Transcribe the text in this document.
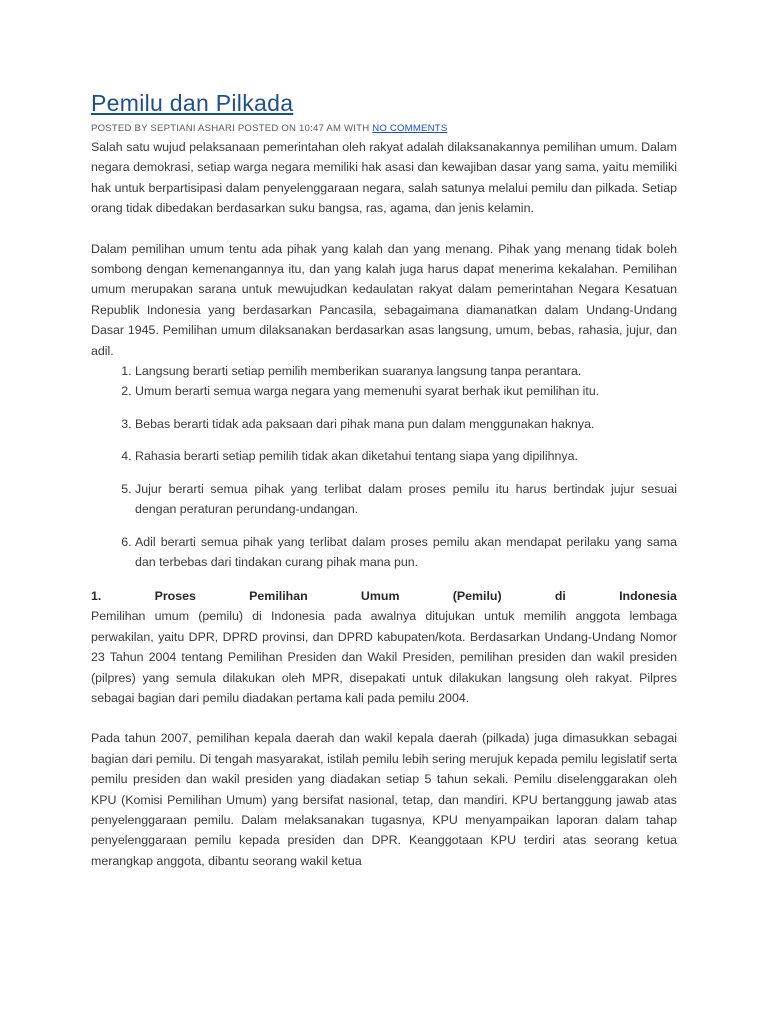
Pemilu dan Pilkada
POSTED BY SEPTIANI ASHARI POSTED ON 10:47 AM WITH NO COMMENTS

Salah satu wujud pelaksanaan pemerintahan oleh rakyat adalah dilaksanakannya pemilihan umum. Dalam negara demokrasi, setiap warga negara memiliki hak asasi dan kewajiban dasar yang sama, yaitu memiliki hak untuk berpartisipasi dalam penyelenggaraan negara, salah satunya melalui pemilu dan pilkada. Setiap orang tidak dibedakan berdasarkan suku bangsa, ras, agama, dan jenis kelamin.

Dalam pemilihan umum tentu ada pihak yang kalah dan yang menang. Pihak yang menang tidak boleh sombong dengan kemenangannya itu, dan yang kalah juga harus dapat menerima kekalahan. Pemilihan umum merupakan sarana untuk mewujudkan kedaulatan rakyat dalam pemerintahan Negara Kesatuan Republik Indonesia yang berdasarkan Pancasila, sebagaimana diamanatkan dalam Undang-Undang Dasar 1945. Pemilihan umum dilaksanakan berdasarkan asas langsung, umum, bebas, rahasia, jujur, dan adil.

1. Langsung berarti setiap pemilih memberikan suaranya langsung tanpa perantara.
2. Umum berarti semua warga negara yang memenuhi syarat berhak ikut pemilihan itu.
3. Bebas berarti tidak ada paksaan dari pihak mana pun dalam menggunakan haknya.
4. Rahasia berarti setiap pemilih tidak akan diketahui tentang siapa yang dipilihnya.
5. Jujur berarti semua pihak yang terlibat dalam proses pemilu itu harus bertindak jujur sesuai dengan peraturan perundang-undangan.
6. Adil berarti semua pihak yang terlibat dalam proses pemilu akan mendapat perilaku yang sama dan terbebas dari tindakan curang pihak mana pun.
1.	Proses	Pemilihan	Umum	(Pemilu)	di	Indonesia

Pemilihan umum (pemilu) di Indonesia pada awalnya ditujukan untuk memilih anggota lembaga perwakilan, yaitu DPR, DPRD provinsi, dan DPRD kabupaten/kota. Berdasarkan Undang-Undang Nomor 23 Tahun 2004 tentang Pemilihan Presiden dan Wakil Presiden, pemilihan presiden dan wakil presiden (pilpres) yang semula dilakukan oleh MPR, disepakati untuk dilakukan langsung oleh rakyat. Pilpres sebagai bagian dari pemilu diadakan pertama kali pada pemilu 2004.

Pada tahun 2007, pemilihan kepala daerah dan wakil kepala daerah (pilkada) juga dimasukkan sebagai bagian dari pemilu. Di tengah masyarakat, istilah pemilu lebih sering merujuk kepada pemilu legislatif serta pemilu presiden dan wakil presiden yang diadakan setiap 5 tahun sekali. Pemilu diselenggarakan oleh KPU (Komisi Pemilihan Umum) yang bersifat nasional, tetap, dan mandiri. KPU bertanggung jawab atas penyelenggaraan pemilu. Dalam melaksanakan tugasnya, KPU menyampaikan laporan dalam tahap penyelenggaraan pemilu kepada presiden dan DPR. Keanggotaan KPU terdiri atas seorang ketua merangkap anggota, dibantu seorang wakil ketua
